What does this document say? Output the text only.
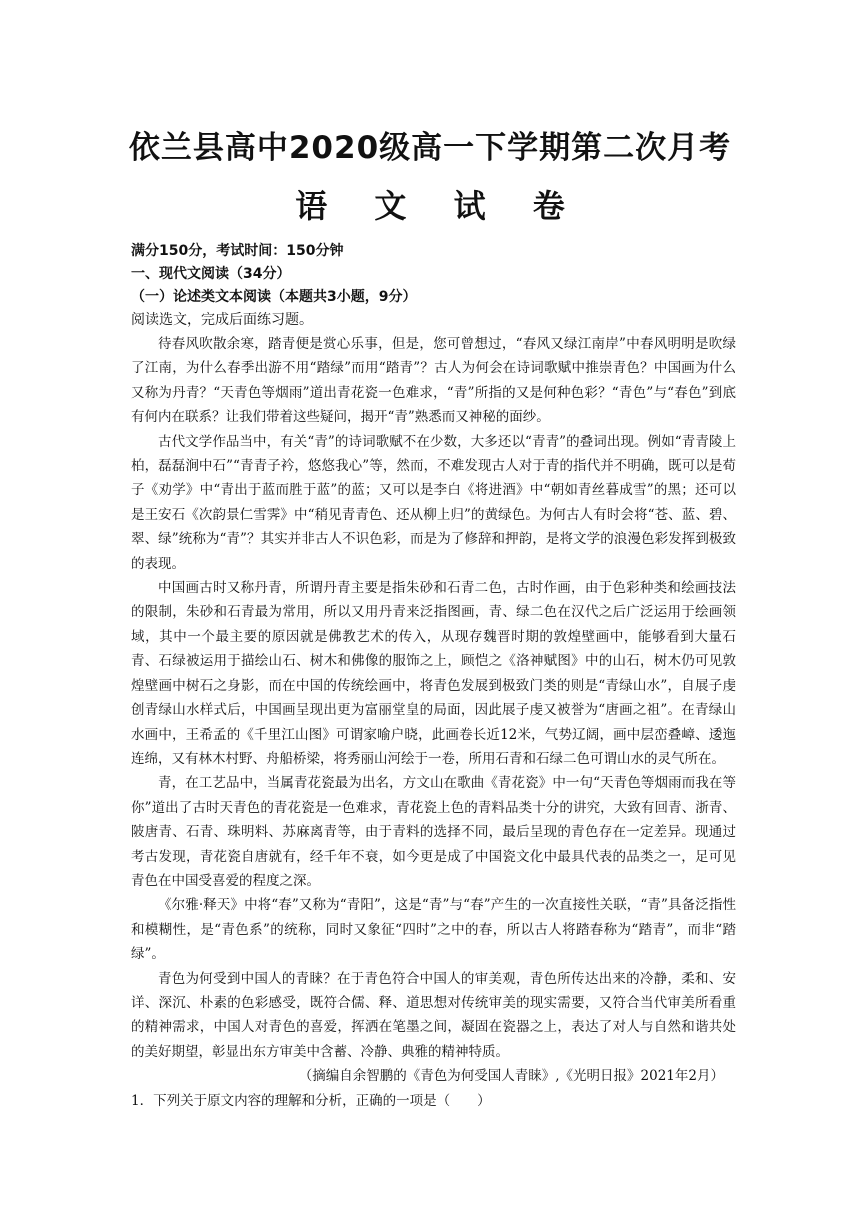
依兰县高中2020级高一下学期第二次月考
语 文 试 卷
满分150分，考试时间：150分钟
一、现代文阅读（34分）
（一）论述类文本阅读（本题共3小题，9分）
阅读选文，完成后面练习题。

待春风吹散余寒，踏青便是赏心乐事，但是，您可曾想过，“春风又绿江南岸”中春风明明是吹绿了江南，为什么春季出游不用“踏绿”而用“踏青”？古人为何会在诗词歌赋中推崇青色？中国画为什么又称为丹青？“天青色等烟雨”道出青花瓷一色难求，“青”所指的又是何种色彩？“青色”与“春色”到底有何内在联系？让我们带着这些疑问，揭开“青”熟悉而又神秘的面纱。

古代文学作品当中，有关“青”的诗词歌赋不在少数，大多还以“青青”的叠词出现。例如“青青陵上柏，磊磊涧中石”“青青子衿，悠悠我心”等，然而，不难发现古人对于青的指代并不明确，既可以是荀子《劝学》中“青出于蓝而胜于蓝”的蓝；又可以是李白《将进酒》中“朝如青丝暮成雪”的黑；还可以是王安石《次韵景仁雪霁》中“稍见青青色、还从柳上归”的黄绿色。为何古人有时会将“苍、蓝、碧、翠、绿”统称为“青”？其实并非古人不识色彩，而是为了修辞和押韵，是将文学的浪漫色彩发挥到极致的表现。

中国画古时又称丹青，所谓丹青主要是指朱砂和石青二色，古时作画，由于色彩种类和绘画技法的限制，朱砂和石青最为常用，所以又用丹青来泛指图画，青、绿二色在汉代之后广泛运用于绘画领域，其中一个最主要的原因就是佛教艺术的传入，从现存魏晋时期的敦煌壁画中，能够看到大量石青、石绿被运用于描绘山石、树木和佛像的服饰之上，顾恺之《洛神赋图》中的山石，树木仍可见敦煌壁画中树石之身影，而在中国的传统绘画中，将青色发展到极致门类的则是“青绿山水”，自展子虔创青绿山水样式后，中国画呈现出更为富丽堂皇的局面，因此展子虔又被誉为“唐画之祖”。在青绿山水画中，王希孟的《千里江山图》可谓家喻户晓，此画卷长近12米，气势辽阔，画中层峦叠嶂、逶迤连绵，又有林木村野、舟船桥梁，将秀丽山河绘于一卷，所用石青和石绿二色可谓山水的灵气所在。

青，在工艺品中，当属青花瓷最为出名，方文山在歌曲《青花瓷》中一句“天青色等烟雨而我在等你”道出了古时天青色的青花瓷是一色难求，青花瓷上色的青料品类十分的讲究，大致有回青、浙青、陂唐青、石青、珠明料、苏麻离青等，由于青料的选择不同，最后呈现的青色存在一定差异。现通过考古发现，青花瓷自唐就有，经千年不衰，如今更是成了中国瓷文化中最具代表的品类之一，足可见青色在中国受喜爱的程度之深。

《尔雅·释天》中将“春”又称为“青阳”，这是“青”与“春”产生的一次直接性关联，“青”具备泛指性和模糊性，是“青色系”的统称，同时又象征“四时”之中的春，所以古人将踏春称为“踏青”，而非“踏绿”。

青色为何受到中国人的青睐？在于青色符合中国人的审美观，青色所传达出来的冷静，柔和、安详、深沉、朴素的色彩感受，既符合儒、释、道思想对传统审美的现实需要，又符合当代审美所看重的精神需求，中国人对青色的喜爱，挥洒在笔墨之间，凝固在瓷器之上，表达了对人与自然和谐共处的美好期望，彰显出东方审美中含蓄、冷静、典雅的精神特质。

（摘编自余智鹏的《青色为何受国人青睐》,《光明日报》2021年2月）
1．下列关于原文内容的理解和分析，正确的一项是（　　）
